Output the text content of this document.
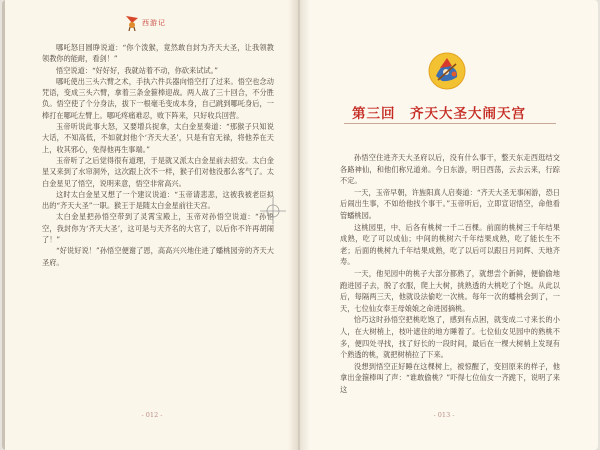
西游记

哪吒怒目圆睁说道：“你个泼猴，竟然敢自封为齐天大圣，让我领教领教你的能耐，看剑！”

悟空说道：“好好好，我就站着不动，你砍来试试。”

哪吒使出三头六臂之术，手执六件兵器向悟空打了过来。悟空也念动咒语，变成三头六臂，拿着三条金箍棒迎战。两人战了三十回合，不分胜负。悟空使了个分身法，拔下一根毫毛变成本身，自己跳到哪吒身后，一棒打在哪吒左臂上。哪吒疼痛难忍，败下阵来，只好收兵回营。

玉帝听说此事大怒，又要增兵捉拿，太白金星奏道：“那猴子只知说大话，不知高低，不如就封他个‘齐天大圣’，只是有官无禄，将他养在天上，收其邪心，免得他再生事端。”

玉帝听了之后觉得很有道理，于是就又派太白金星前去招安。太白金星又来到了水帘洞外，这次跟上次不一样，猴子们对他没那么客气了。太白金星见了悟空，说明来意，悟空非常高兴。

这时太白金星又想了一个建议说道：“玉帝请悲悲，这被我被老臣拟出的“齐天大圣”一职。猴王于是随太白金星前往天宫。

太白金星把孙悟空带到了灵霄宝殿上，玉帝对孙悟空说道：“孙悟空，我封你为‘齐天大圣’，这可是与天齐名的大官了，以后你不许再胡闹了！”

“好说好说！”孙悟空便谢了恩，高高兴兴地住进了蟠桃园旁的齐天大圣府。

- 012 -
第三回　齐天大圣大闹天宫

孙悟空住进齐天大圣府以后，没有什么事干，整天东走西逛结交各路神仙，和他们称兄道弟。今日东游，明日西荡，云去云来，行踪不定。

一天，玉帝早朝，许旌阳真人启奏道：“齐天大圣无事闲游，恐日后闹出生事，不如给他找个事干。”玉帝听后，立即宣诏悟空，命他看管蟠桃园。

这桃园里，中、后各有桃树一千二百棵。前面的桃树三千年结果成熟，吃了可以成仙；中间的桃树六千年结果成熟，吃了能长生不老；后面的桃树九千年结果成熟，吃了以后可以跟日月同辉、天地齐寿。

一天，他见园中的桃子大部分都熟了，就想尝个新鲜，便偷偷地跑进园子去，脱了衣服，爬上大树，挑熟透的大桃吃了个饱。从此以后，每隔两三天，他就设法偷吃一次桃。每年一次的蟠桃会到了，一天，七位仙女奉王母娘娘之命进园摘桃。

恰巧这时孙悟空把桃吃饱了，感到有点困，就变成二寸来长的小人，在大树梢上，枝叶遮住的地方睡着了。七位仙女见园中的熟桃不多，便四处寻找，找了好长的一段时间，最后在一棵大树梢上发现有个熟透的桃，就把树梢拉了下来。

没想到悟空正好睡在这棵树上，被惊醒了，变回原来的样子，他拿出金箍棒叫了声：“谁敢偷桃？”吓得七位仙女一齐跪下，说明了来这

- 013 -
